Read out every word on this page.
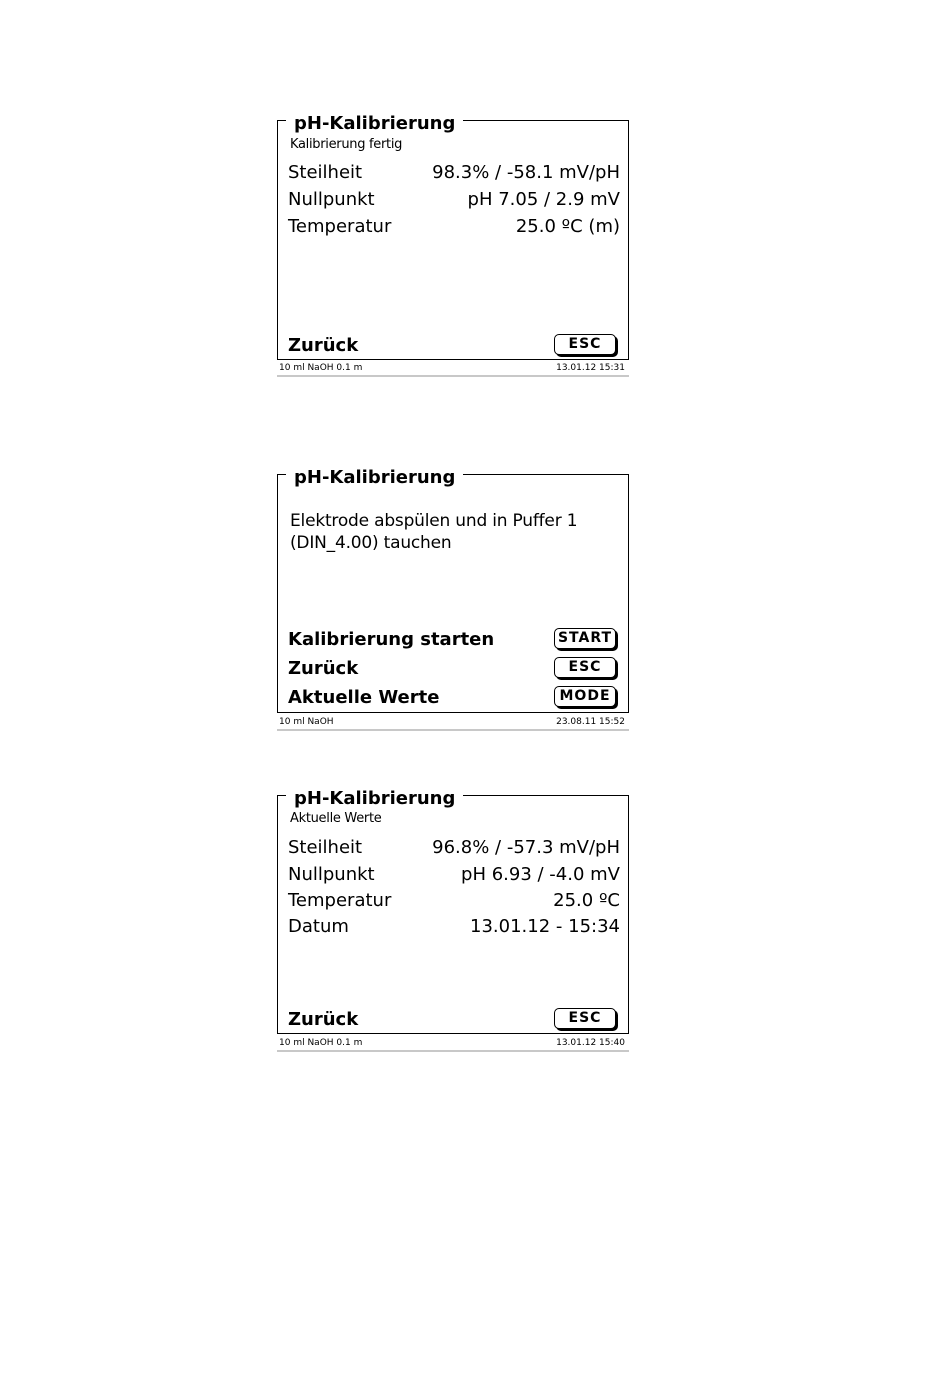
pH-Kalibrierung
Kalibrierung fertig
Steilheit	98.3% / -58.1 mV/pH
Nullpunkt	pH 7.05 / 2.9 mV
Temperatur	25.0 ºC (m)
Zurück	ESC
10 ml NaOH 0.1 m	13.01.12 15:31
pH-Kalibrierung
Elektrode abspülen und in Puffer 1
(DIN_4.00) tauchen
Kalibrierung starten	START
Zurück	ESC
Aktuelle Werte	MODE
10 ml NaOH	23.08.11 15:52
pH-Kalibrierung
Aktuelle Werte
Steilheit	96.8% / -57.3 mV/pH
Nullpunkt	pH 6.93 / -4.0 mV
Temperatur	25.0 ºC
Datum	13.01.12 - 15:34
Zurück	ESC
10 ml NaOH 0.1 m	13.01.12 15:40
